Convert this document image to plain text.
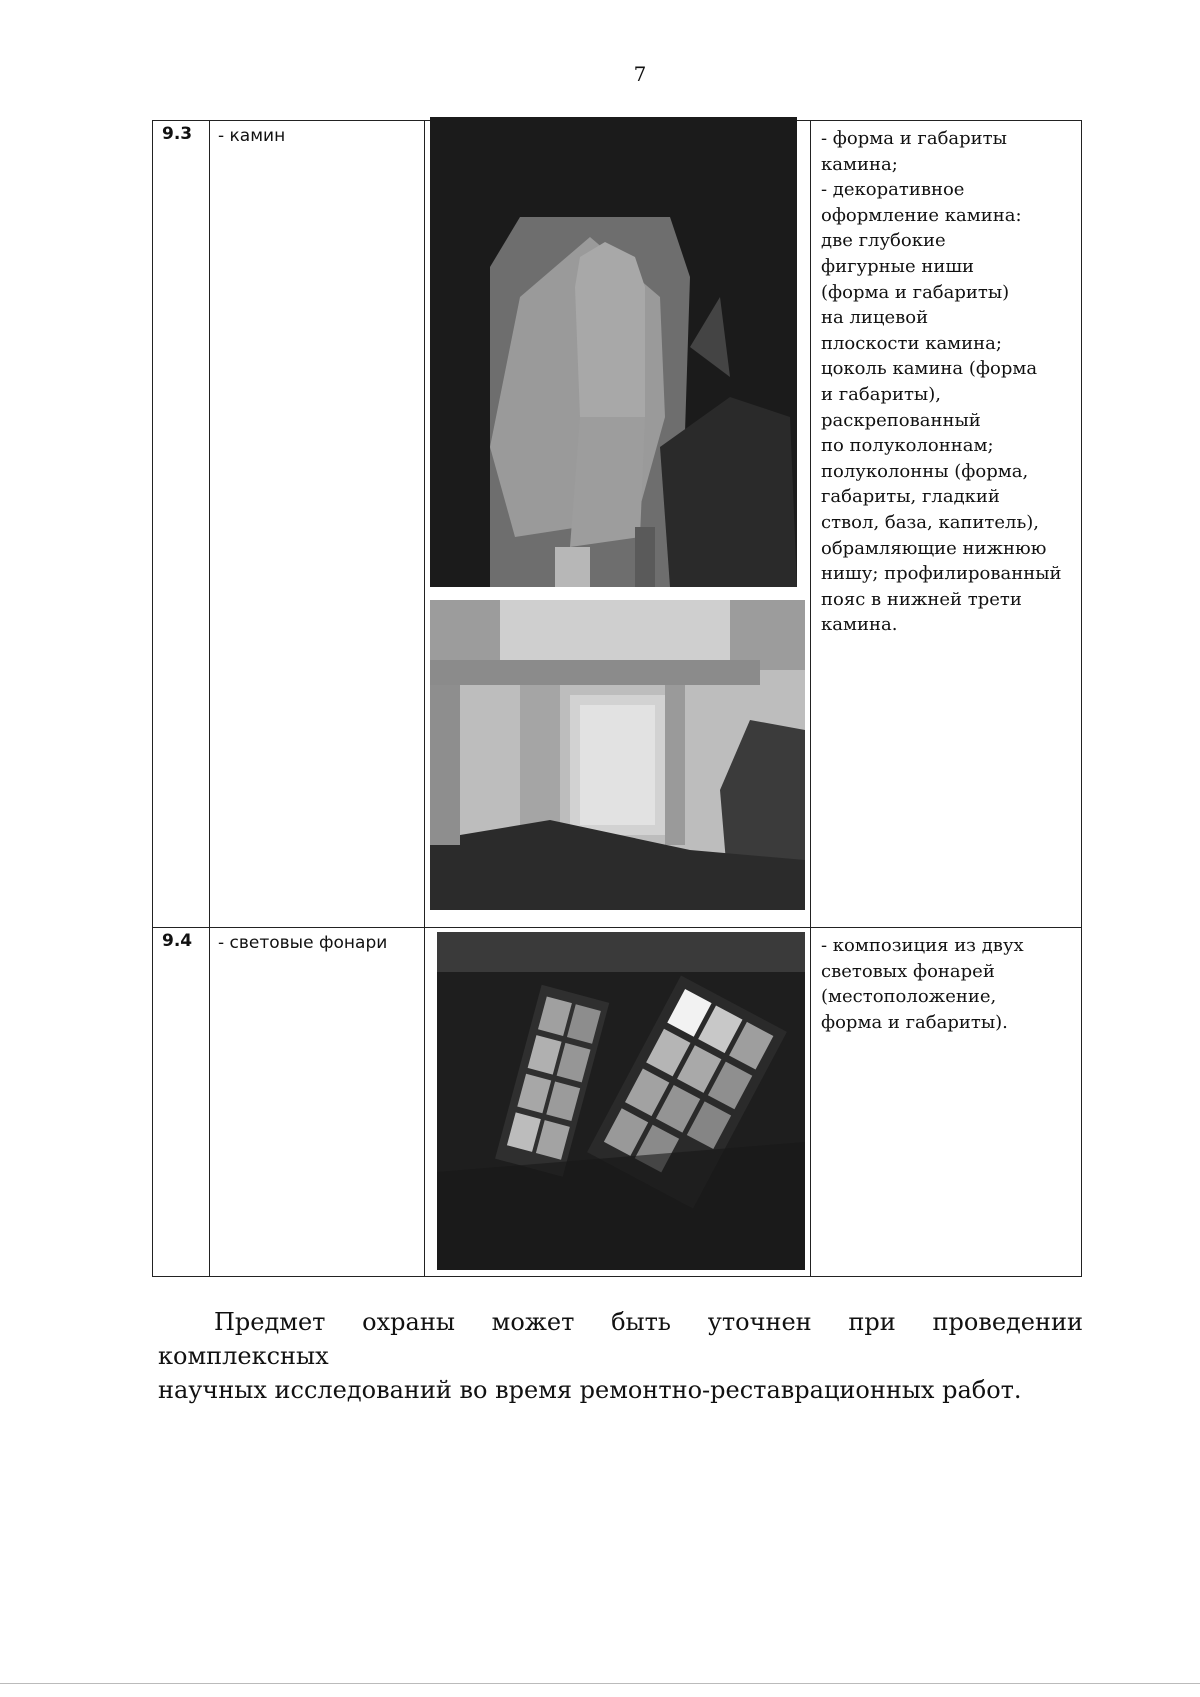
7
9.3 - камин	- форма и габариты
камина;
- декоративное
оформление камина:
две глубокие
фигурные ниши
(форма и габариты)
на лицевой
плоскости камина;
цоколь камина (форма
и габариты),
раскрепованный
по полуколоннам;
полуколонны (форма,
габариты, гладкий
ствол, база, капитель),
обрамляющие нижнюю
нишу; профилированный
пояс в нижней трети
камина.
9.4 - световые фонари	- композиция из двух
световых фонарей
(местоположение,
форма и габариты).
Предмет охраны может быть уточнен при проведении комплексных
научных исследований во время ремонтно-реставрационных работ.
